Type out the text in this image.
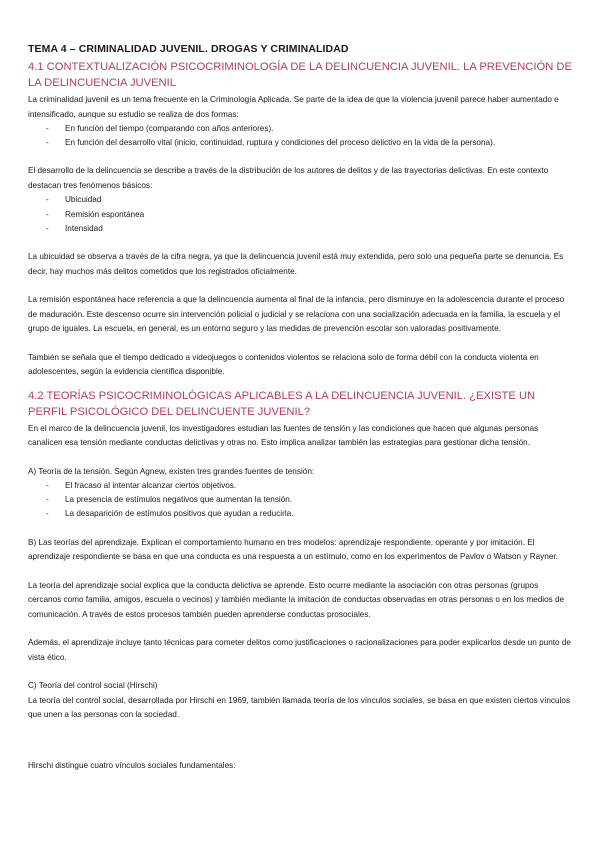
TEMA 4 – CRIMINALIDAD JUVENIL. DROGAS Y CRIMINALIDAD
4.1 CONTEXTUALIZACIÓN PSICOCRIMINOLOGÍA DE LA DELINCUENCIA JUVENIL. LA PREVENCIÓN DE LA DELINCUENCIA JUVENIL

La criminalidad juvenil es un tema frecuente en la Criminología Aplicada. Se parte de la idea de que la violencia juvenil parece haber aumentado e intensificado, aunque su estudio se realiza de dos formas:

- En función del tiempo (comparando con años anteriores).
- En función del desarrollo vital (inicio, continuidad, ruptura y condiciones del proceso delictivo en la vida de la persona).

El desarrollo de la delincuencia se describe a través de la distribución de los autores de delitos y de las trayectorias delictivas. En este contexto destacan tres fenómenos básicos:

- Ubicuidad
- Remisión espontánea
- Intensidad

La ubicuidad se observa a través de la cifra negra, ya que la delincuencia juvenil está muy extendida, pero solo una pequeña parte se denuncia. Es decir, hay muchos más delitos cometidos que los registrados oficialmente.

La remisión espontánea hace referencia a que la delincuencia aumenta al final de la infancia, pero disminuye en la adolescencia durante el proceso de maduración. Este descenso ocurre sin intervención policial o judicial y se relaciona con una socialización adecuada en la familia, la escuela y el grupo de iguales. La escuela, en general, es un entorno seguro y las medidas de prevención escolar son valoradas positivamente.

También se señala que el tiempo dedicado a videojuegos o contenidos violentos se relaciona solo de forma débil con la conducta violenta en adolescentes, según la evidencia científica disponible.

4.2 TEORÍAS PSICOCRIMINOLÓGICAS APLICABLES A LA DELINCUENCIA JUVENIL. ¿EXISTE UN PERFIL PSICOLÓGICO DEL DELINCUENTE JUVENIL?

En el marco de la delincuencia juvenil, los investigadores estudian las fuentes de tensión y las condiciones que hacen que algunas personas canalicen esa tensión mediante conductas delictivas y otras no. Esto implica analizar también las estrategias para gestionar dicha tensión.

A) Teoría de la tensión. Según Agnew, existen tres grandes fuentes de tensión:

- El fracaso al intentar alcanzar ciertos objetivos.
- La presencia de estímulos negativos que aumentan la tensión.
- La desaparición de estímulos positivos que ayudan a reducirla.

B) Las teorías del aprendizaje. Explican el comportamiento humano en tres modelos: aprendizaje respondiente, operante y por imitación. El aprendizaje respondiente se basa en que una conducta es una respuesta a un estímulo, como en los experimentos de Pavlov o Watson y Rayner.

La teoría del aprendizaje social explica que la conducta delictiva se aprende. Esto ocurre mediante la asociación con otras personas (grupos cercanos como familia, amigos, escuela o vecinos) y también mediante la imitación de conductas observadas en otras personas o en los medios de comunicación. A través de estos procesos también pueden aprenderse conductas prosociales.

Además, el aprendizaje incluye tanto técnicas para cometer delitos como justificaciones o racionalizaciones para poder explicarlos desde un punto de vista ético.

C) Teoría del control social (Hirschi)

La teoría del control social, desarrollada por Hirschi en 1969, también llamada teoría de los vínculos sociales, se basa en que existen ciertos vínculos que unen a las personas con la sociedad.

Hirschi distingue cuatro vínculos sociales fundamentales:
